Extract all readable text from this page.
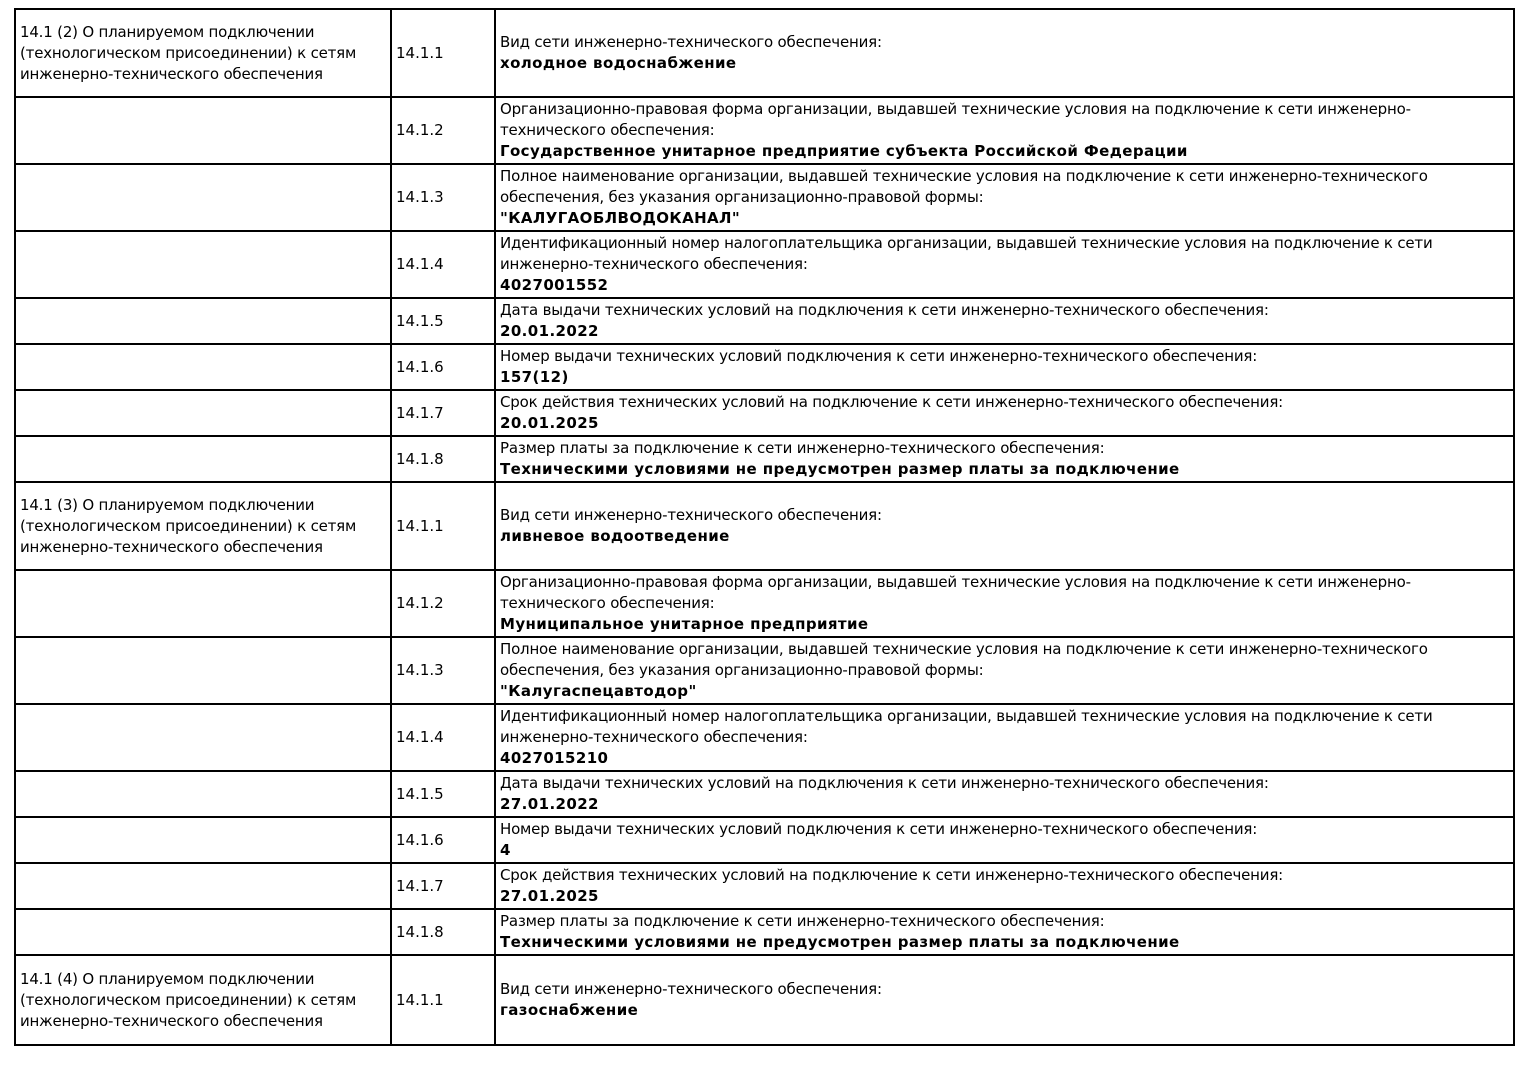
14.1 (2) О планируемом подключении (технологическом присоединении) к сетям инженерно-технического обеспечения	14.1.1	Вид сети инженерно-технического обеспечения:
холодное водоснабжение

	14.1.2	Организационно-правовая форма организации, выдавшей технические условия на подключение к сети инженерно-технического обеспечения:
Государственное унитарное предприятие субъекта Российской Федерации

	14.1.3	Полное наименование организации, выдавшей технические условия на подключение к сети инженерно-технического обеспечения, без указания организационно-правовой формы:
"КАЛУГАОБЛВОДОКАНАЛ"

	14.1.4	Идентификационный номер налогоплательщика организации, выдавшей технические условия на подключение к сети инженерно-технического обеспечения:
4027001552

	14.1.5	Дата выдачи технических условий на подключения к сети инженерно-технического обеспечения:
20.01.2022

	14.1.6	Номер выдачи технических условий подключения к сети инженерно-технического обеспечения:
157(12)

	14.1.7	Срок действия технических условий на подключение к сети инженерно-технического обеспечения:
20.01.2025

	14.1.8	Размер платы за подключение к сети инженерно-технического обеспечения:
Техническими условиями не предусмотрен размер платы за подключение

14.1 (3) О планируемом подключении (технологическом присоединении) к сетям инженерно-технического обеспечения	14.1.1	Вид сети инженерно-технического обеспечения:
ливневое водоотведение

	14.1.2	Организационно-правовая форма организации, выдавшей технические условия на подключение к сети инженерно-технического обеспечения:
Муниципальное унитарное предприятие

	14.1.3	Полное наименование организации, выдавшей технические условия на подключение к сети инженерно-технического обеспечения, без указания организационно-правовой формы:
"Калугаспецавтодор"

	14.1.4	Идентификационный номер налогоплательщика организации, выдавшей технические условия на подключение к сети инженерно-технического обеспечения:
4027015210

	14.1.5	Дата выдачи технических условий на подключения к сети инженерно-технического обеспечения:
27.01.2022

	14.1.6	Номер выдачи технических условий подключения к сети инженерно-технического обеспечения:
4

	14.1.7	Срок действия технических условий на подключение к сети инженерно-технического обеспечения:
27.01.2025

	14.1.8	Размер платы за подключение к сети инженерно-технического обеспечения:
Техническими условиями не предусмотрен размер платы за подключение

14.1 (4) О планируемом подключении (технологическом присоединении) к сетям инженерно-технического обеспечения	14.1.1	Вид сети инженерно-технического обеспечения:
газоснабжение
